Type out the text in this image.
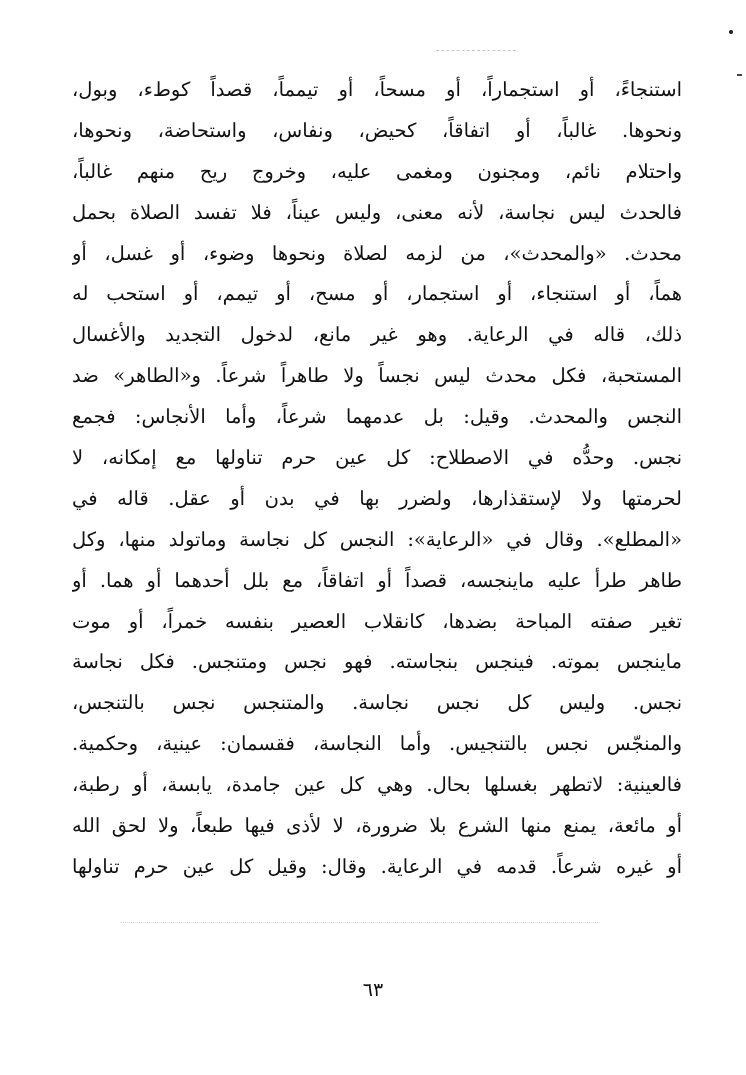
استنجاءً، أو استجماراً، أو مسحاً، أو تيمماً، قصداً كوطء، وبول،
ونحوها. غالباً، أو اتفاقاً، كحيض، ونفاس، واستحاضة، ونحوها،
واحتلام نائم، ومجنون ومغمى عليه، وخروج ريح منهم غالباً،
فالحدث ليس نجاسة، لأنه معنى، وليس عيناً، فلا تفسد الصلاة بحمل
محدث. «والمحدث»، من لزمه لصلاة ونحوها وضوء، أو غسل، أو
هماً، أو استنجاء، أو استجمار، أو مسح، أو تيمم، أو استحب له
ذلك، قاله في الرعاية. وهو غير مانع، لدخول التجديد والأغسال
المستحبة، فكل محدث ليس نجساً ولا طاهراً شرعاً. و«الطاهر» ضد
النجس والمحدث. وقيل: بل عدمهما شرعاً، وأما الأنجاس: فجمع
نجس. وحدُّه في الاصطلاح: كل عين حرم تناولها مع إمكانه، لا
لحرمتها ولا لإستقذارها، ولضرر بها في بدن أو عقل. قاله في
«المطلع». وقال في «الرعاية»: النجس كل نجاسة وماتولد منها، وكل
طاهر طرأ عليه ماينجسه، قصداً أو اتفاقاً، مع بلل أحدهما أو هما. أو
تغير صفته المباحة بضدها، كانقلاب العصير بنفسه خمراً، أو موت
ماينجس بموته. فينجس بنجاسته. فهو نجس ومتنجس. فكل نجاسة
نجس. وليس كل نجس نجاسة. والمتنجس نجس بالتنجس،
والمنجّس نجس بالتنجيس. وأما النجاسة، فقسمان: عينية، وحكمية.
فالعينية: لاتطهر بغسلها بحال. وهي كل عين جامدة، يابسة، أو رطبة،
أو مائعة، يمنع منها الشرع بلا ضرورة، لا لأذى فيها طبعاً، ولا لحق الله
أو غيره شرعاً. قدمه في الرعاية. وقال: وقيل كل عين حرم تناولها
٦٣
